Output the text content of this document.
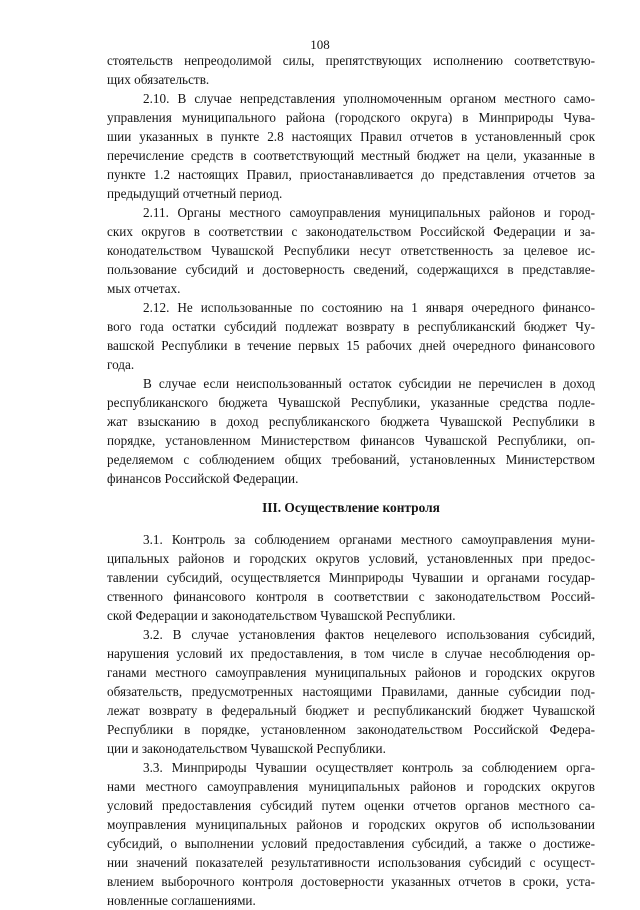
108
стоятельств непреодолимой силы, препятствующих исполнению соответствую-
щих обязательств.
2.10. В случае непредставления уполномоченным органом местного само-
управления муниципального района (городского округа) в Минприроды Чува-
шии указанных в пункте 2.8 настоящих Правил отчетов в установленный срок
перечисление средств в соответствующий местный бюджет на цели, указанные в
пункте 1.2 настоящих Правил, приостанавливается до представления отчетов за
предыдущий отчетный период.
2.11. Органы местного самоуправления муниципальных районов и город-
ских округов в соответствии с законодательством Российской Федерации и за-
конодательством Чувашской Республики несут ответственность за целевое ис-
пользование субсидий и достоверность сведений, содержащихся в представляе-
мых отчетах.
2.12. Не использованные по состоянию на 1 января очередного финансо-
вого года остатки субсидий подлежат возврату в республиканский бюджет Чу-
вашской Республики в течение первых 15 рабочих дней очередного финансового
года.
В случае если неиспользованный остаток субсидии не перечислен в доход
республиканского бюджета Чувашской Республики, указанные средства подле-
жат взысканию в доход республиканского бюджета Чувашской Республики в
порядке, установленном Министерством финансов Чувашской Республики, оп-
ределяемом с соблюдением общих требований, установленных Министерством
финансов Российской Федерации.
III. Осуществление контроля
3.1. Контроль за соблюдением органами местного самоуправления муни-
ципальных районов и городских округов условий, установленных при предос-
тавлении субсидий, осуществляется Минприроды Чувашии и органами государ-
ственного финансового контроля в соответствии с законодательством Россий-
ской Федерации и законодательством Чувашской Республики.
3.2. В случае установления фактов нецелевого использования субсидий,
нарушения условий их предоставления, в том числе в случае несоблюдения ор-
ганами местного самоуправления муниципальных районов и городских округов
обязательств, предусмотренных настоящими Правилами, данные субсидии под-
лежат возврату в федеральный бюджет и республиканский бюджет Чувашской
Республики в порядке, установленном законодательством Российской Федера-
ции и законодательством Чувашской Республики.
3.3. Минприроды Чувашии осуществляет контроль за соблюдением орга-
нами местного самоуправления муниципальных районов и городских округов
условий предоставления субсидий путем оценки отчетов органов местного са-
моуправления муниципальных районов и городских округов об использовании
субсидий, о выполнении условий предоставления субсидий, а также о достиже-
нии значений показателей результативности использования субсидий с осущест-
влением выборочного контроля достоверности указанных отчетов в сроки, уста-
новленные соглашениями.
